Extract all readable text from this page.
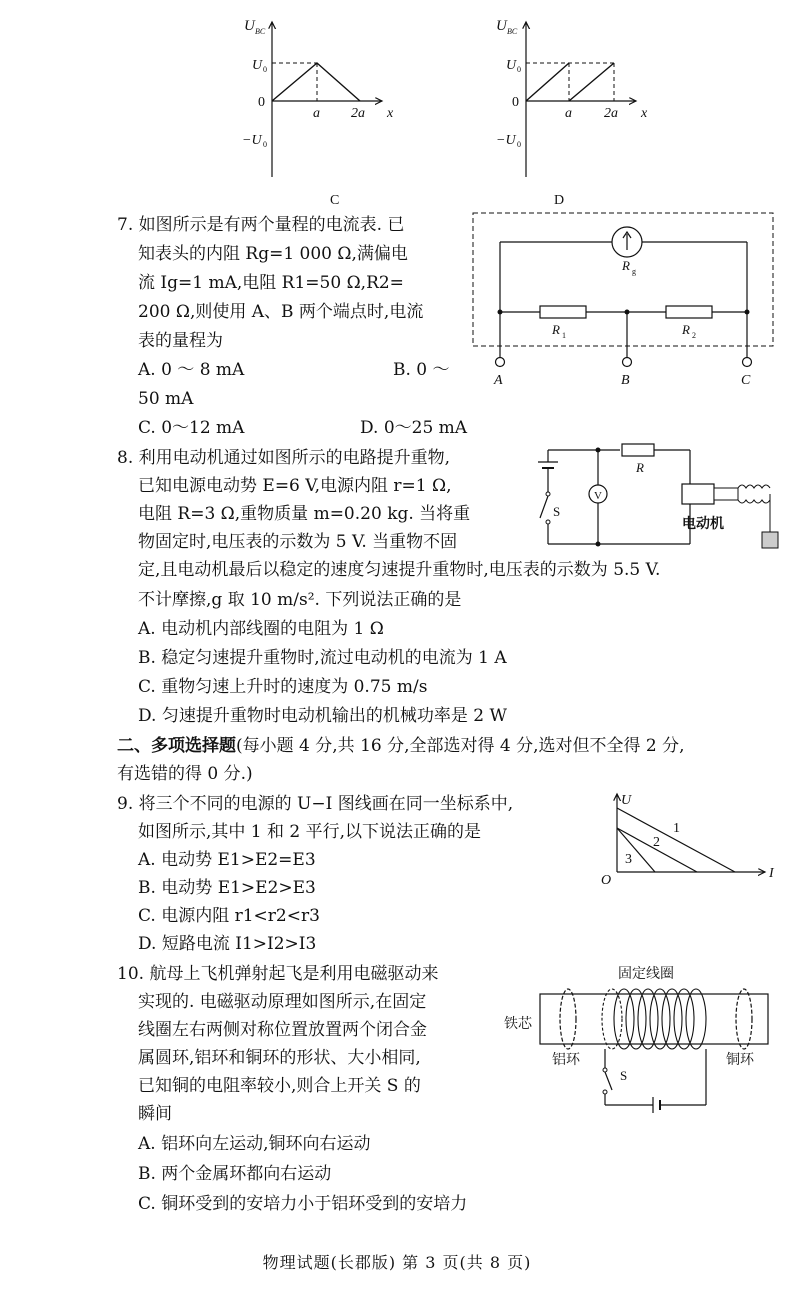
U BC
U 0
0
−U 0
a 2a x
C
U BC
U 0
0
−U 0
a 2a x
D
7. 如图所示是有两个量程的电流表. 已
知表头的内阻 Rg=1 000 Ω,满偏电
流 Ig=1 mA,电阻 R1=50 Ω,R2=
200 Ω,则使用 A、B 两个端点时,电流
表的量程为
A. 0 ～ 8 mA	B. 0 ～
50 mA
C. 0～12 mA	D. 0～25 mA
R g
R 1	R 2
A	B	C
8. 利用电动机通过如图所示的电路提升重物,
已知电源电动势 E=6 V,电源内阻 r=1 Ω,
电阻 R=3 Ω,重物质量 m=0.20 kg. 当将重
物固定时,电压表的示数为 5 V. 当重物不固
定,且电动机最后以稳定的速度匀速提升重物时,电压表的示数为 5.5 V.
不计摩擦,g 取 10 m/s². 下列说法正确的是
A. 电动机内部线圈的电阻为 1 Ω
B. 稳定匀速提升重物时,流过电动机的电流为 1 A
C. 重物匀速上升时的速度为 0.75 m/s
D. 匀速提升重物时电动机输出的机械功率是 2 W
S
V
R
电动机
二、多项选择题(每小题 4 分,共 16 分,全部选对得 4 分,选对但不全得 2 分,
有选错的得 0 分.)
9. 将三个不同的电源的 U−I 图线画在同一坐标系中,
如图所示,其中 1 和 2 平行,以下说法正确的是
A. 电动势 E1>E2=E3
B. 电动势 E1>E2>E3
C. 电源内阻 r1<r2<r3
D. 短路电流 I1>I2>I3
U
I
O
1
2
3
10. 航母上飞机弹射起飞是利用电磁驱动来
实现的. 电磁驱动原理如图所示,在固定
线圈左右两侧对称位置放置两个闭合金
属圆环,铝环和铜环的形状、大小相同,
已知铜的电阻率较小,则合上开关 S 的
瞬间
A. 铝环向左运动,铜环向右运动
B. 两个金属环都向右运动
C. 铜环受到的安培力小于铝环受到的安培力
固定线圈
铁芯
铝环	铜环
S
物理试题(长郡版) 第 3 页(共 8 页)
